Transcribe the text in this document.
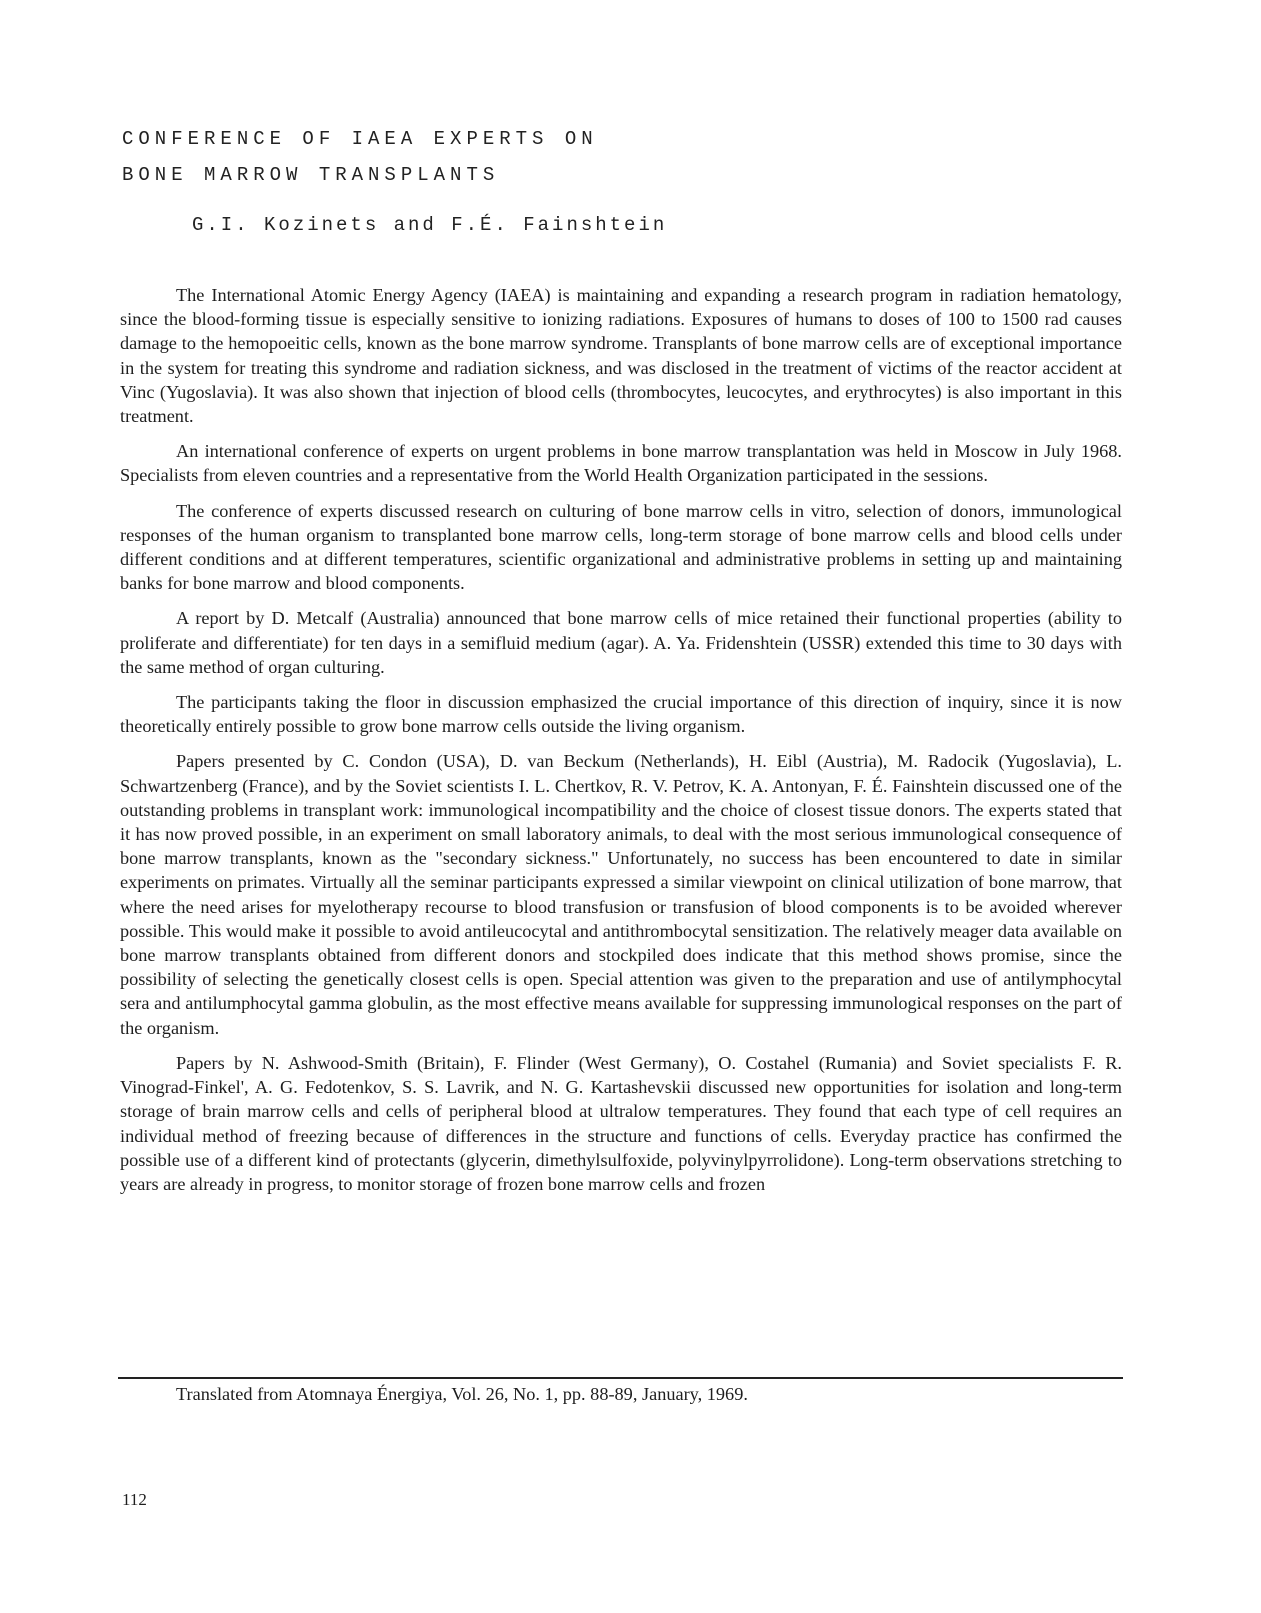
CONFERENCE OF IAEA EXPERTS ON
BONE MARROW TRANSPLANTS
G.I. Kozinets and F.É. Fainshtein

The International Atomic Energy Agency (IAEA) is maintaining and expanding a research program in radiation hematology, since the blood-forming tissue is especially sensitive to ionizing radiations. Exposures of humans to doses of 100 to 1500 rad causes damage to the hemopoeitic cells, known as the bone marrow syndrome. Transplants of bone marrow cells are of exceptional importance in the system for treating this syndrome and radiation sickness, and was disclosed in the treatment of victims of the reactor accident at Vinc (Yugoslavia). It was also shown that injection of blood cells (thrombocytes, leucocytes, and erythrocytes) is also important in this treatment.

An international conference of experts on urgent problems in bone marrow transplantation was held in Moscow in July 1968. Specialists from eleven countries and a representative from the World Health Organization participated in the sessions.

The conference of experts discussed research on culturing of bone marrow cells in vitro, selection of donors, immunological responses of the human organism to transplanted bone marrow cells, long-term storage of bone marrow cells and blood cells under different conditions and at different temperatures, scientific organizational and administrative problems in setting up and maintaining banks for bone marrow and blood components.

A report by D. Metcalf (Australia) announced that bone marrow cells of mice retained their functional properties (ability to proliferate and differentiate) for ten days in a semifluid medium (agar). A. Ya. Fridenshtein (USSR) extended this time to 30 days with the same method of organ culturing.

The participants taking the floor in discussion emphasized the crucial importance of this direction of inquiry, since it is now theoretically entirely possible to grow bone marrow cells outside the living organism.

Papers presented by C. Condon (USA), D. van Beckum (Netherlands), H. Eibl (Austria), M. Radocik (Yugoslavia), L. Schwartzenberg (France), and by the Soviet scientists I. L. Chertkov, R. V. Petrov, K. A. Antonyan, F. É. Fainshtein discussed one of the outstanding problems in transplant work: immunological incompatibility and the choice of closest tissue donors. The experts stated that it has now proved possible, in an experiment on small laboratory animals, to deal with the most serious immunological consequence of bone marrow transplants, known as the "secondary sickness." Unfortunately, no success has been encountered to date in similar experiments on primates. Virtually all the seminar participants expressed a similar viewpoint on clinical utilization of bone marrow, that where the need arises for myelotherapy recourse to blood transfusion or transfusion of blood components is to be avoided wherever possible. This would make it possible to avoid antileucocytal and antithrombocytal sensitization. The relatively meager data available on bone marrow transplants obtained from different donors and stockpiled does indicate that this method shows promise, since the possibility of selecting the genetically closest cells is open. Special attention was given to the preparation and use of antilymphocytal sera and antilumphocytal gamma globulin, as the most effective means available for suppressing immunological responses on the part of the organism.

Papers by N. Ashwood-Smith (Britain), F. Flinder (West Germany), O. Costahel (Rumania) and Soviet specialists F. R. Vinograd-Finkel', A. G. Fedotenkov, S. S. Lavrik, and N. G. Kartashevskii discussed new opportunities for isolation and long-term storage of brain marrow cells and cells of peripheral blood at ultralow temperatures. They found that each type of cell requires an individual method of freezing because of differences in the structure and functions of cells. Everyday practice has confirmed the possible use of a different kind of protectants (glycerin, dimethylsulfoxide, polyvinylpyrrolidone). Long-term observations stretching to years are already in progress, to monitor storage of frozen bone marrow cells and frozen

Translated from Atomnaya Énergiya, Vol. 26, No. 1, pp. 88-89, January, 1969.
112
